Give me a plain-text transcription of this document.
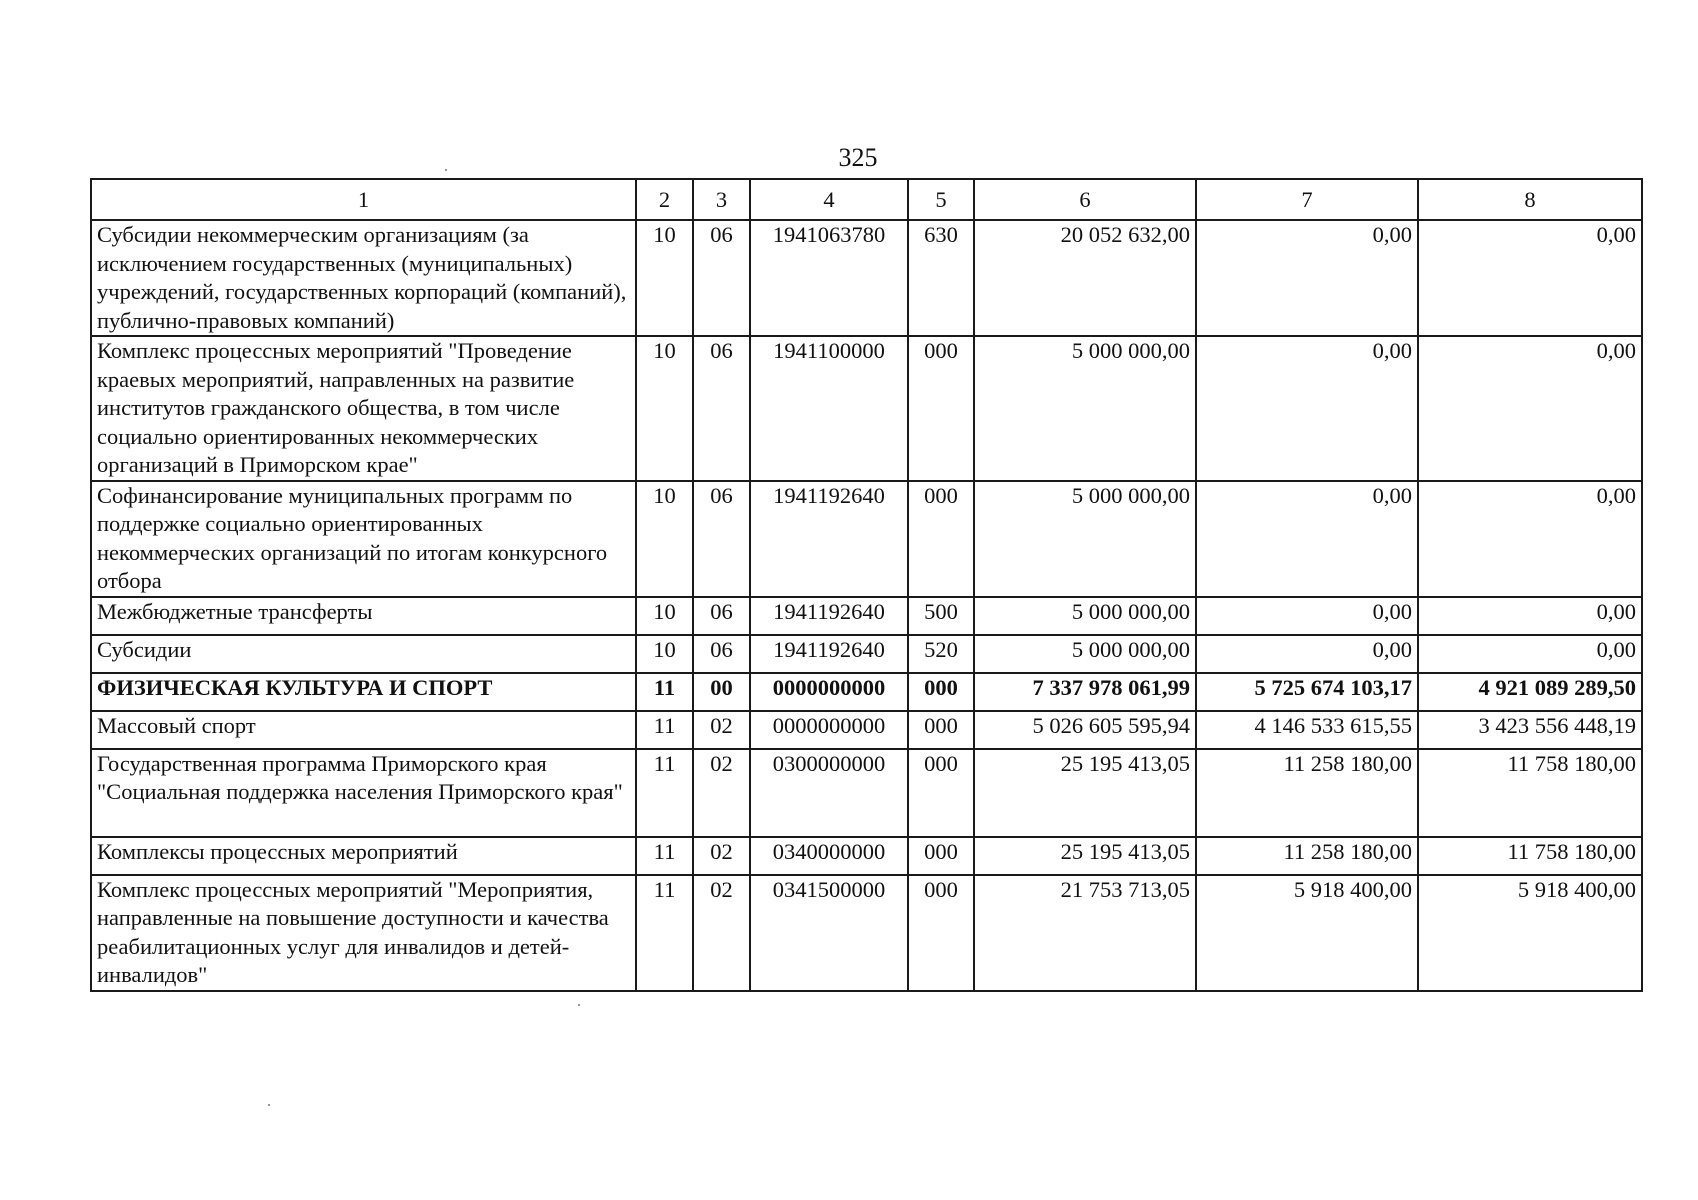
325
1	2	3	4	5	6	7	8
Субсидии некоммерческим организациям (за исключением государственных (муниципальных) учреждений, государственных корпораций (компаний), публично-правовых компаний)	10	06	1941063780	630	20 052 632,00	0,00	0,00
Комплекс процессных мероприятий "Проведение краевых мероприятий, направленных на развитие институтов гражданского общества, в том числе социально ориентированных некоммерческих организаций в Приморском крае"	10	06	1941100000	000	5 000 000,00	0,00	0,00
Софинансирование муниципальных программ по поддержке социально ориентированных некоммерческих организаций по итогам конкурсного отбора	10	06	1941192640	000	5 000 000,00	0,00	0,00
Межбюджетные трансферты	10	06	1941192640	500	5 000 000,00	0,00	0,00
Субсидии	10	06	1941192640	520	5 000 000,00	0,00	0,00
ФИЗИЧЕСКАЯ КУЛЬТУРА И СПОРТ	11	00	0000000000	000	7 337 978 061,99	5 725 674 103,17	4 921 089 289,50
Массовый спорт	11	02	0000000000	000	5 026 605 595,94	4 146 533 615,55	3 423 556 448,19
Государственная программа Приморского края "Социальная поддержка населения Приморского края"	11	02	0300000000	000	25 195 413,05	11 258 180,00	11 758 180,00
Комплексы процессных мероприятий	11	02	0340000000	000	25 195 413,05	11 258 180,00	11 758 180,00
Комплекс процессных мероприятий "Мероприятия, направленные на повышение доступности и качества реабилитационных услуг для инвалидов и детей-инвалидов"	11	02	0341500000	000	21 753 713,05	5 918 400,00	5 918 400,00
